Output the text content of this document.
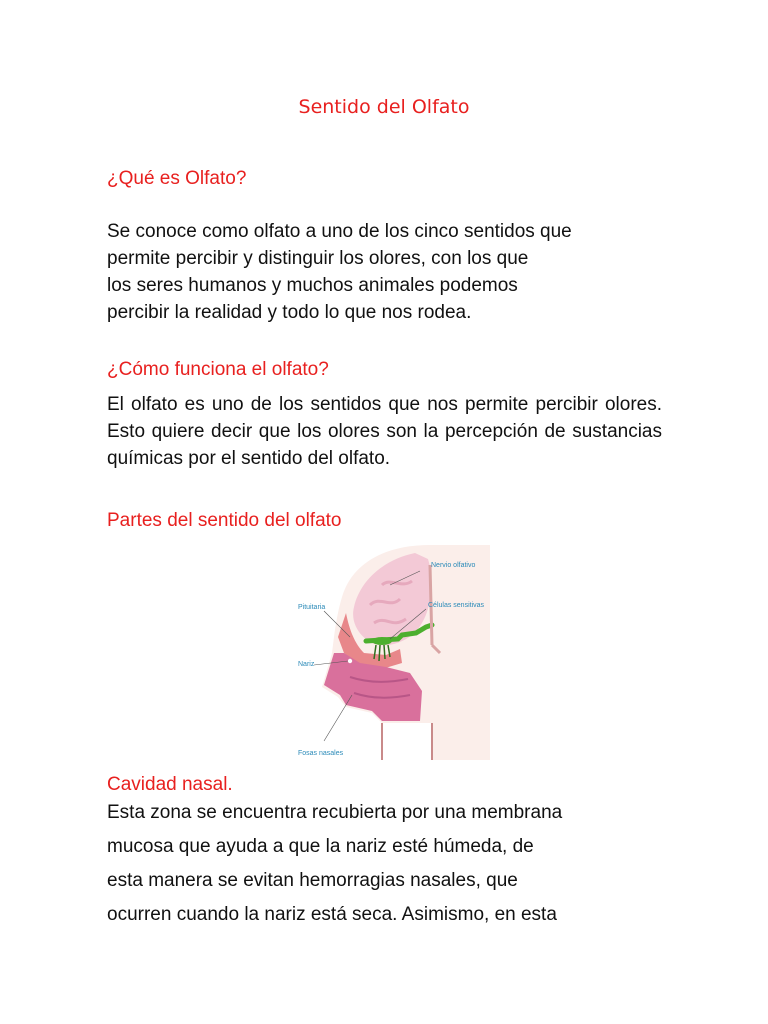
Sentido del Olfato
¿Qué es Olfato?
Se conoce como olfato a uno de los cinco sentidos que
permite percibir y distinguir los olores, con los que
los seres humanos y muchos animales podemos
percibir la realidad y todo lo que nos rodea.
¿Cómo funciona el olfato?
El olfato es uno de los sentidos que nos permite percibir olores. Esto quiere decir que los olores son la percepción de sustancias químicas por el sentido del olfato.
Partes del sentido del olfato
Nervio olfativo
Células sensitivas
Pituitaria
Nariz
Fosas nasales
Cavidad nasal.
Esta zona se encuentra recubierta por una membrana
mucosa que ayuda a que la nariz esté húmeda, de
esta manera se evitan hemorragias nasales, que
ocurren cuando la nariz está seca. Asimismo, en esta
